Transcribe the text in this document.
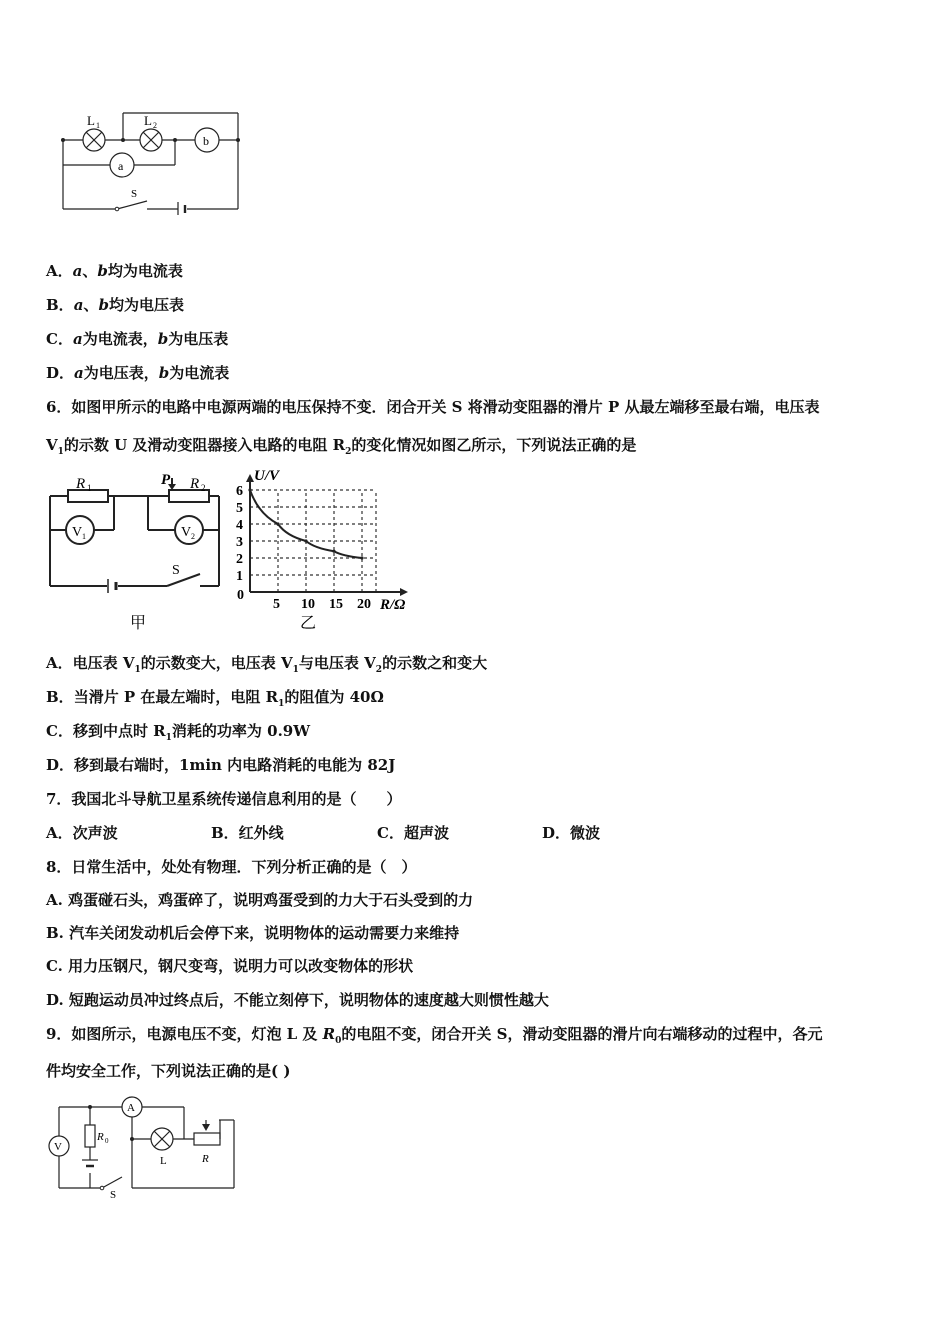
L 1	L 2
b
a
S
A．a、b均为电流表
B．a、b均为电压表
C．a为电流表，b为电压表
D．a为电压表，b为电流表
6．如图甲所示的电路中电源两端的电压保持不变．闭合开关 S 将滑动变阻器的滑片 P 从最左端移至最右端，电压表
$V_1$的示数 U 及滑动变阻器接入电路的电阻 $R_2$的变化情况如图乙所示，下列说法正确的是
R 1	P R 2
V 1	V 2
S
甲
U/V
R/Ω
0
乙
5 10 15 20
1
2
3
4
5
6
A．电压表 $V_1$的示数变大，电压表 $V_1$与电压表 $V_2$的示数之和变大
B．当滑片 P 在最左端时，电阻 $R_1$的阻值为 40Ω
C．移到中点时 $R_1$消耗的功率为 0.9W
D．移到最右端时，1min 内电路消耗的电能为 82J
7．我国北斗导航卫星系统传递信息利用的是（　　）
A．次声波	B．红外线	C．超声波	D．微波
8．日常生活中，处处有物理．下列分析正确的是（　）
A. 鸡蛋碰石头，鸡蛋碎了，说明鸡蛋受到的力大于石头受到的力
B. 汽车关闭发动机后会停下来，说明物体的运动需要力来维持
C. 用力压钢尺，钢尺变弯，说明力可以改变物体的形状
D. 短跑运动员冲过终点后，不能立刻停下，说明物体的速度越大则惯性越大
9．如图所示，电源电压不变，灯泡 L 及 $R_0$的电阻不变，闭合开关 S，滑动变阻器的滑片向右端移动的过程中，各元
件均安全工作，下列说法正确的是( )
A
V
R 0
L	R
S
